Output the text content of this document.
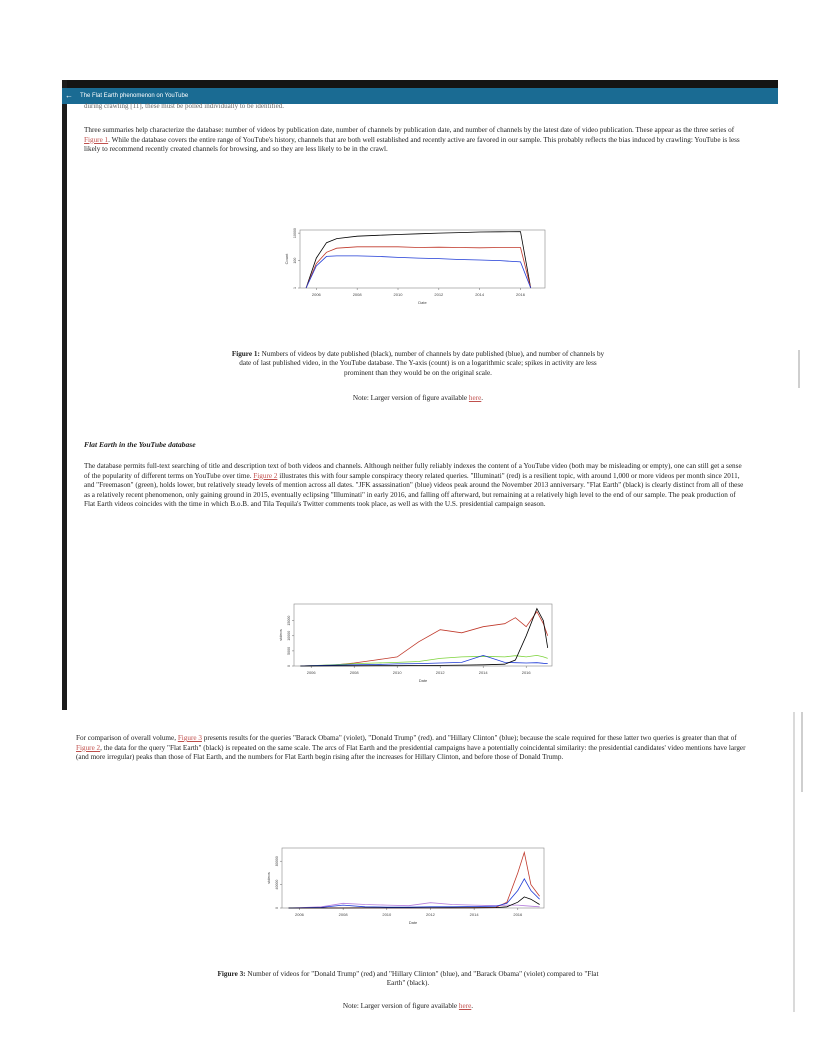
←	The Flat Earth phenomenon on YouTube
during crawling [11], these must be polled individually to be identified.
Three summaries help characterize the database: number of videos by publication date, number of channels by publication date, and number of channels by the latest date of video publication. These appear as the three series of Figure 1. While the database covers the entire range of YouTube's history, channels that are both well established and recently active are favored in our sample. This probably reflects the bias induced by crawling: YouTube is less likely to recommend recently created channels for browsing, and so they are less likely to be in the crawl.
2006	2008	2010	2012	2014	2016
1
100
10000
Date
Count
Figure 1: Numbers of videos by date published (black), number of channels by date published (blue), and number of channels by date of last published video, in the YouTube database. The Y-axis (count) is on a logarithmic scale; spikes in activity are less prominent than they would be on the original scale.
Note: Larger version of figure available here.
Flat Earth in the YouTube database
The database permits full-text searching of title and description text of both videos and channels. Although neither fully reliably indexes the content of a YouTube video (both may be misleading or empty), one can still get a sense of the popularity of different terms on YouTube over time. Figure 2 illustrates this with four sample conspiracy theory related queries. "Illuminati" (red) is a resilient topic, with around 1,000 or more videos per month since 2011, and "Freemason" (green), holds lower, but relatively steady levels of mention across all dates. "JFK assassination" (blue) videos peak around the November 2013 anniversary. "Flat Earth" (black) is clearly distinct from all of these as a relatively recent phenomenon, only gaining ground in 2015, eventually eclipsing "Illuminati" in early 2016, and falling off afterward, but remaining at a relatively high level to the end of our sample. The peak production of Flat Earth videos coincides with the time in which B.o.B. and Tila Tequila's Twitter comments took place, as well as with the U.S. presidential campaign season.
2006	2008	2010	2012	2014	2016
0
5000
10000
15000
Date
videos
For comparison of overall volume, Figure 3 presents results for the queries "Barack Obama" (violet), "Donald Trump" (red). and "Hillary Clinton" (blue); because the scale required for these latter two queries is greater than that of Figure 2, the data for the query "Flat Earth" (black) is repeated on the same scale. The arcs of Flat Earth and the presidential campaigns have a potentially coincidental similarity: the presidential candidates' video mentions have larger (and more irregular) peaks than those of Flat Earth, and the numbers for Flat Earth begin rising after the increases for Hillary Clinton, and before those of Donald Trump.
2006	2008	2010	2012	2014	2016
0
40000
80000
Date
videos
Figure 3: Number of videos for "Donald Trump" (red) and "Hillary Clinton" (blue), and "Barack Obama" (violet) compared to "Flat Earth" (black).
Note: Larger version of figure available here.
